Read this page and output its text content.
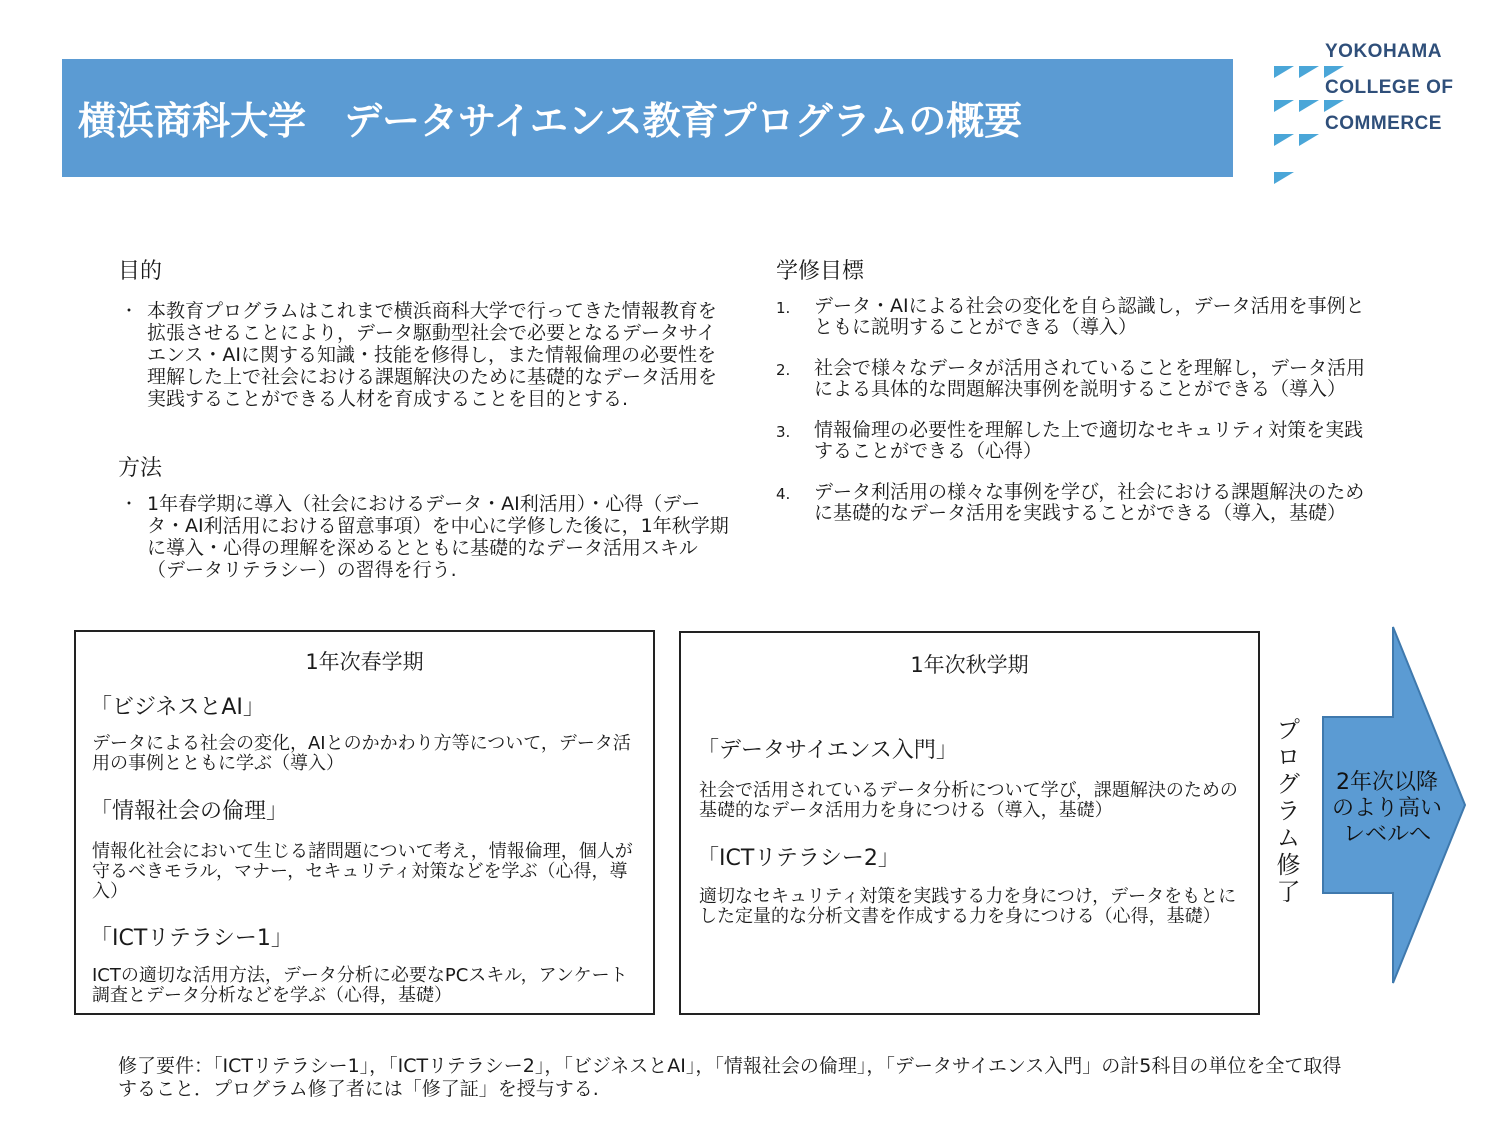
横浜商科大学　データサイエンス教育プログラムの概要
YOKOHAMA
COLLEGE OF
COMMERCE
目的
・ 本教育プログラムはこれまで横浜商科大学で行ってきた情報教育を拡張させることにより，データ駆動型社会で必要となるデータサイエンス・AIに関する知識・技能を修得し，また情報倫理の必要性を理解した上で社会における課題解決のために基礎的なデータ活用を実践することができる人材を育成することを目的とする.
方法
・ 1年春学期に導入（社会におけるデータ・AI利活用）・心得（データ・AI利活用における留意事項）を中心に学修した後に，1年秋学期に導入・心得の理解を深めるとともに基礎的なデータ活用スキル（データリテラシー）の習得を行う.
学修目標
1. データ・AIによる社会の変化を自ら認識し，データ活用を事例とともに説明することができる（導入）
2. 社会で様々なデータが活用されていることを理解し，データ活用による具体的な問題解決事例を説明することができる（導入）
3. 情報倫理の必要性を理解した上で適切なセキュリティ対策を実践することができる（心得）
4. データ利活用の様々な事例を学び，社会における課題解決のために基礎的なデータ活用を実践することができる（導入，基礎）
1年次春学期
「ビジネスとAI」
データによる社会の変化，AIとのかかわり方等について，データ活用の事例とともに学ぶ（導入）
「情報社会の倫理」
情報化社会において生じる諸問題について考え，情報倫理，個人が守るべきモラル，マナー，セキュリティ対策などを学ぶ（心得，導入）
「ICTリテラシー1」
ICTの適切な活用方法，データ分析に必要なPCスキル，アンケート調査とデータ分析などを学ぶ（心得，基礎）
1年次秋学期
「データサイエンス入門」
社会で活用されているデータ分析について学び，課題解決のための基礎的なデータ活用力を身につける（導入，基礎）
「ICTリテラシー2」
適切なセキュリティ対策を実践する力を身につけ，データをもとにした定量的な分析文書を作成する力を身につける（心得，基礎）
プログラム修了	2年次以降
のより高い
レベルへ
修了要件：「ICTリテラシー1」，「ICTリテラシー2」，「ビジネスとAI」，「情報社会の倫理」，「データサイエンス入門」の計5科目の単位を全て取得
すること．プログラム修了者には「修了証」を授与する.
